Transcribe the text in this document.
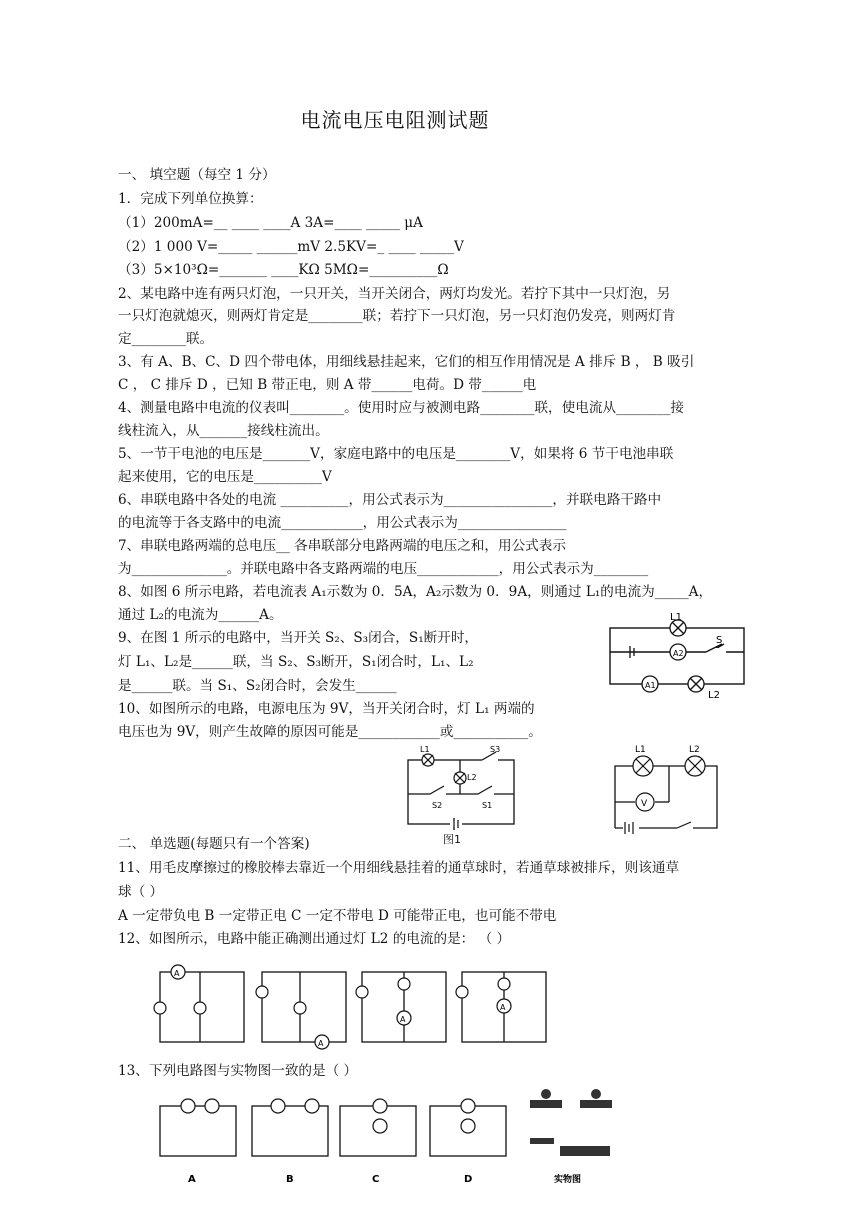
电流电压电阻测试题
一、 填空题（每空 1 分）
1．完成下列单位换算：
（1）200mA=__ ____ ____A 3A=____ _____ μA
（2）1 000 V=_____ ______mV 2.5KV=_ ____ _____V
（3）5×10³Ω=_______ ____KΩ 5MΩ=__________Ω
2、某电路中连有两只灯泡，一只开关，当开关闭合，两灯均发光。若拧下其中一只灯泡，另
一只灯泡就熄灭，则两灯肯定是________联；若拧下一只灯泡，另一只灯泡仍发亮，则两灯肯
定________联。
3、有 A、B、C、D 四个带电体，用细线悬挂起来，它们的相互作用情况是 A 排斥 B ， B 吸引
C ， C 排斥 D ，已知 B 带正电，则 A 带______电荷。D 带______电
4、测量电路中电流的仪表叫________。使用时应与被测电路________联，使电流从________接
线柱流入，从_______接线柱流出。
5、一节干电池的电压是_______V，家庭电路中的电压是________V，如果将 6 节干电池串联
起来使用，它的电压是__________V
6、串联电路中各处的电流 __________，用公式表示为________________，并联电路干路中
的电流等于各支路中的电流____________，用公式表示为________________
7、串联电路两端的总电压__ 各串联部分电路两端的电压之和，用公式表示
为______________。并联电路中各支路两端的电压____________，用公式表示为________
8、如图 6 所示电路，若电流表 A₁示数为 0．5A，A₂示数为 0．9A，则通过 L₁的电流为_____A，
通过 L₂的电流为______A。
9、在图 1 所示的电路中，当开关 S₂、S₃闭合，S₁断开时，
灯 L₁、L₂是______联，当 S₂、S₃断开，S₁闭合时，L₁、L₂
是______联。当 S₁、S₂闭合时，会发生______
10、如图所示的电路，电源电压为 9V，当开关闭合时，灯 L₁ 两端的
电压也为 9V，则产生故障的原因可能是____________或___________。
二、 单选题(每题只有一个答案)
11、用毛皮摩擦过的橡胶棒去靠近一个用细线悬挂着的通草球时，若通草球被排斥，则该通草
球（ ）
A 一定带负电 B 一定带正电 C 一定不带电 D 可能带正电，也可能不带电
12、如图所示，电路中能正确测出通过灯 L2 的电流的是： （ ）
13、下列电路图与实物图一致的是（ ）
L1
S
A2
A1
L2
L1	S3
L2
S2	S1
图1
L1	L2
V
A
A
A
A
A	B	C	D	实物图
